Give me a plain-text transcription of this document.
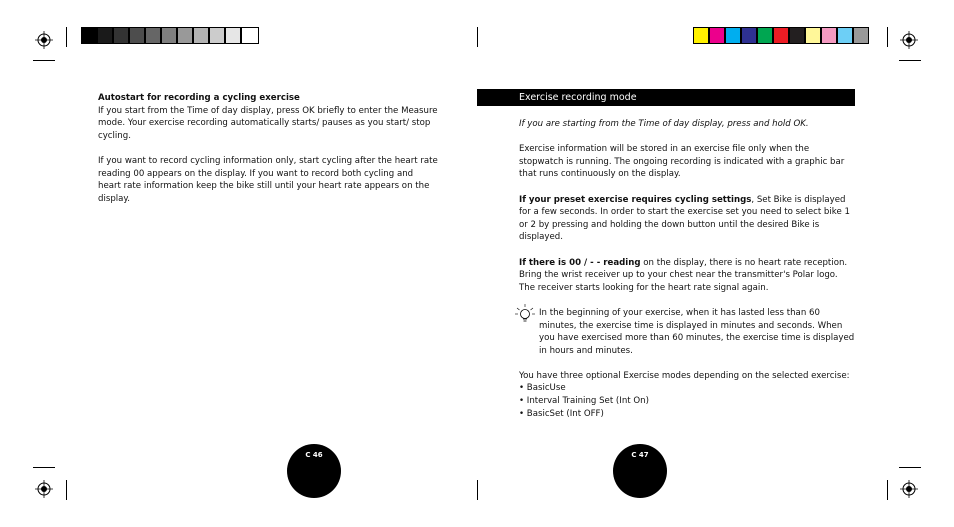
Autostart for recording a cycling exercise

If you start from the Time of day display, press OK briefly to enter the Measure mode. Your exercise recording automatically starts/ pauses as you start/ stop cycling.

If you want to record cycling information only, start cycling after the heart rate reading 00 appears on the display. If you want to record both cycling and heart rate information keep the bike still until your heart rate appears on the display.

Exercise recording mode

If you are starting from the Time of day display, press and hold OK.

Exercise information will be stored in an exercise file only when the stopwatch is running. The ongoing recording is indicated with a graphic bar that runs continuously on the display.

If your preset exercise requires cycling settings, Set Bike is displayed for a few seconds. In order to start the exercise set you need to select bike 1 or 2 by pressing and holding the down button until the desired Bike is displayed.

If there is 00 / - - reading on the display, there is no heart rate reception. Bring the wrist receiver up to your chest near the transmitter's Polar logo. The receiver starts looking for the heart rate signal again.

In the beginning of your exercise, when it has lasted less than 60 minutes, the exercise time is displayed in minutes and seconds. When you have exercised more than 60 minutes, the exercise time is displayed in hours and minutes.

You have three optional Exercise modes depending on the selected exercise:

• BasicUse
• Interval Training Set (Int On)
• BasicSet (Int OFF)
C 46	C 47
